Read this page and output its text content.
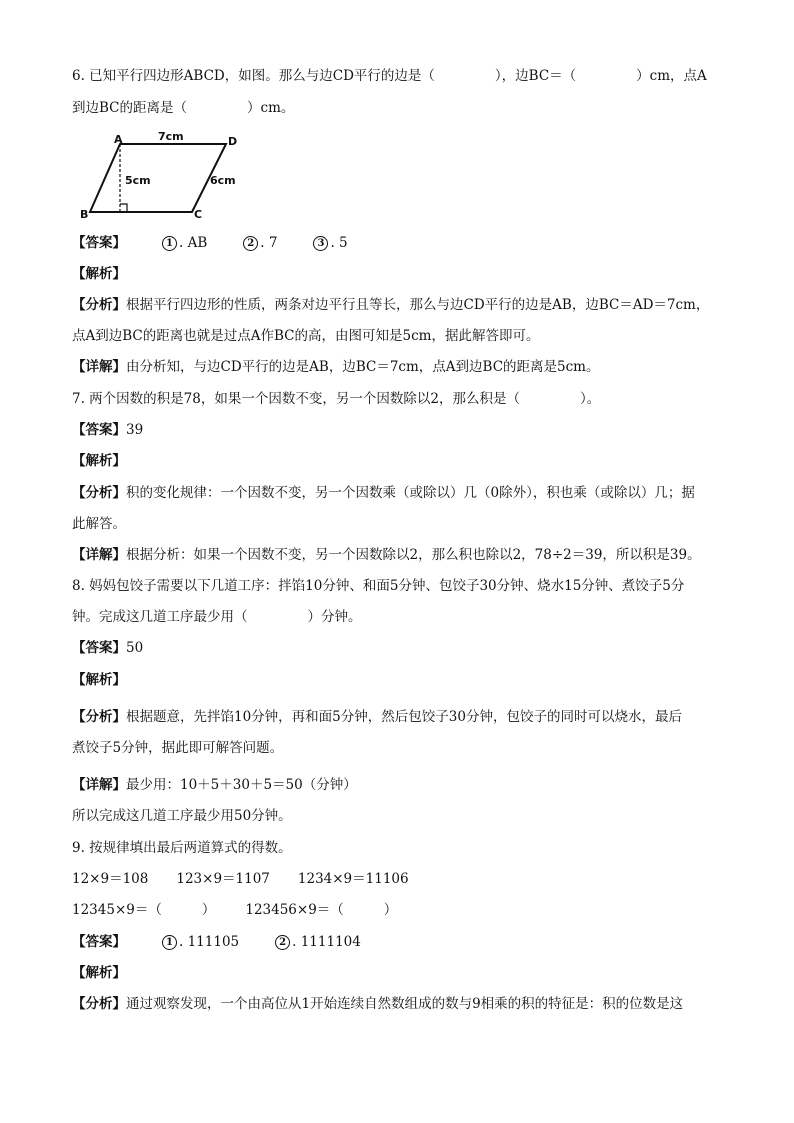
6. 已知平行四边形ABCD，如图。那么与边CD平行的边是（	），边BC＝（	）cm，点A
到边BC的距离是（	）cm。
A	D
B	C
7cm
5cm	6cm
【答案】	1 . AB	2 . 7	3 . 5
【解析】
【分析】根据平行四边形的性质，两条对边平行且等长，那么与边CD平行的边是AB，边BC＝AD＝7cm，
点A到边BC的距离也就是过点A作BC的高，由图可知是5cm，据此解答即可。
【详解】由分析知，与边CD平行的边是AB，边BC＝7cm，点A到边BC的距离是5cm。
7. 两个因数的积是78，如果一个因数不变，另一个因数除以2，那么积是（	）。
【答案】39
【解析】
【分析】积的变化规律：一个因数不变，另一个因数乘（或除以）几（0除外），积也乘（或除以）几；据
此解答。
【详解】根据分析：如果一个因数不变，另一个因数除以2，那么积也除以2，78÷2＝39，所以积是39。
8. 妈妈包饺子需要以下几道工序：拌馅10分钟、和面5分钟、包饺子30分钟、烧水15分钟、煮饺子5分
钟。完成这几道工序最少用（	）分钟。
【答案】50
【解析】
【分析】根据题意，先拌馅10分钟，再和面5分钟，然后包饺子30分钟，包饺子的同时可以烧水，最后
煮饺子5分钟，据此即可解答问题。
【详解】最少用：10＋5＋30＋5＝50（分钟）
所以完成这几道工序最少用50分钟。
9. 按规律填出最后两道算式的得数。
12×9＝108 123×9＝1107 1234×9＝11106
12345×9＝（	） 123456×9＝（	）
【答案】	1 . 111105	2 . 1111104
【解析】
【分析】通过观察发现，一个由高位从1开始连续自然数组成的数与9相乘的积的特征是：积的位数是这
